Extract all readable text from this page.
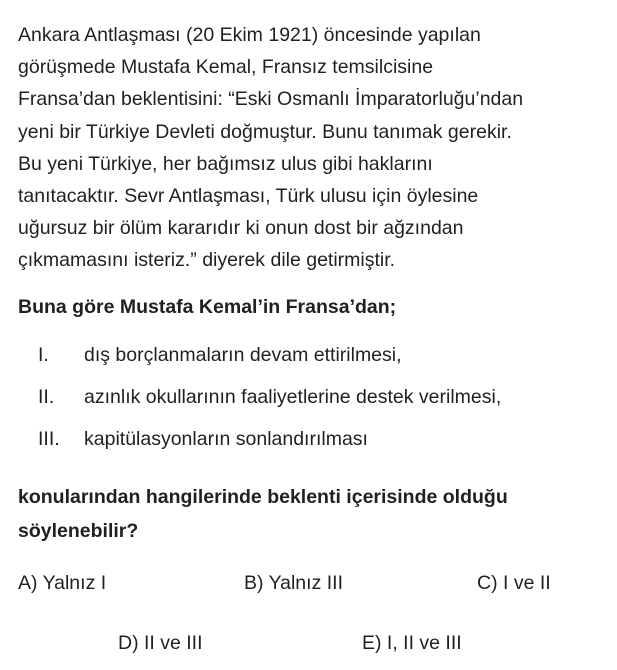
Ankara Antlaşması (20 Ekim 1921) öncesinde yapılan
görüşmede Mustafa Kemal, Fransız temsilcisine
Fransa’dan beklentisini: “Eski Osmanlı İmparatorluğu’ndan
yeni bir Türkiye Devleti doğmuştur. Bunu tanımak gerekir.
Bu yeni Türkiye, her bağımsız ulus gibi haklarını
tanıtacaktır. Sevr Antlaşması, Türk ulusu için öylesine
uğursuz bir ölüm kararıdır ki onun dost bir ağzından
çıkmamasını isteriz.” diyerek dile getirmiştir.

Buna göre Mustafa Kemal’in Fransa’dan;

I. dış borçlanmaların devam ettirilmesi,
II. azınlık okullarının faaliyetlerine destek verilmesi,
III. kapitülasyonların sonlandırılması

konularından hangilerinde beklenti içerisinde olduğu
söylenebilir?

A) Yalnız I	B) Yalnız III	C) I ve II
D) II ve III	E) I, II ve III
